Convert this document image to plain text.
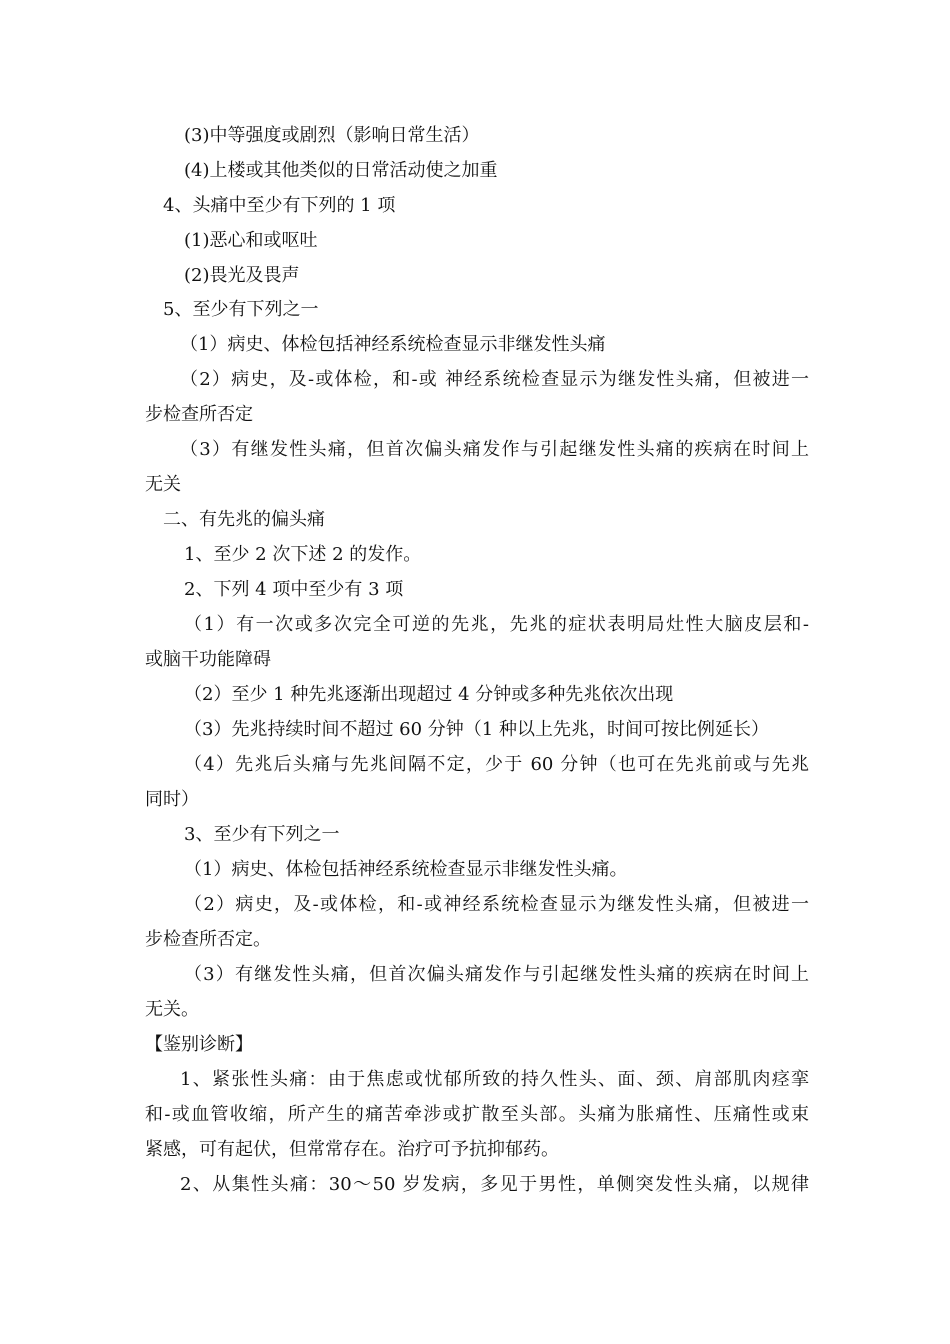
(3)中等强度或剧烈（影响日常生活）
(4)上楼或其他类似的日常活动使之加重
4、头痛中至少有下列的 1 项
(1)恶心和或呕吐
(2)畏光及畏声
5、至少有下列之一
（1）病史、体检包括神经系统检查显示非继发性头痛
（2）病史，及-或体检，和-或 神经系统检查显示为继发性头痛，但被进一
步检查所否定
（3）有继发性头痛，但首次偏头痛发作与引起继发性头痛的疾病在时间上
无关
二、有先兆的偏头痛
1、至少 2 次下述 2 的发作。
2、下列 4 项中至少有 3 项
（1）有一次或多次完全可逆的先兆，先兆的症状表明局灶性大脑皮层和-
或脑干功能障碍
（2）至少 1 种先兆逐渐出现超过 4 分钟或多种先兆依次出现
（3）先兆持续时间不超过 60 分钟（1 种以上先兆，时间可按比例延长）
（4）先兆后头痛与先兆间隔不定，少于 60 分钟（也可在先兆前或与先兆
同时）
3、至少有下列之一
（1）病史、体检包括神经系统检查显示非继发性头痛。
（2）病史，及-或体检，和-或神经系统检查显示为继发性头痛，但被进一
步检查所否定。
（3）有继发性头痛，但首次偏头痛发作与引起继发性头痛的疾病在时间上
无关。
【鉴别诊断】
1、紧张性头痛：由于焦虑或忧郁所致的持久性头、面、颈、肩部肌肉痉挛
和-或血管收缩，所产生的痛苦牵涉或扩散至头部。头痛为胀痛性、压痛性或束
紧感，可有起伏，但常常存在。治疗可予抗抑郁药。
2、从集性头痛：30～50 岁发病，多见于男性，单侧突发性头痛，以规律
